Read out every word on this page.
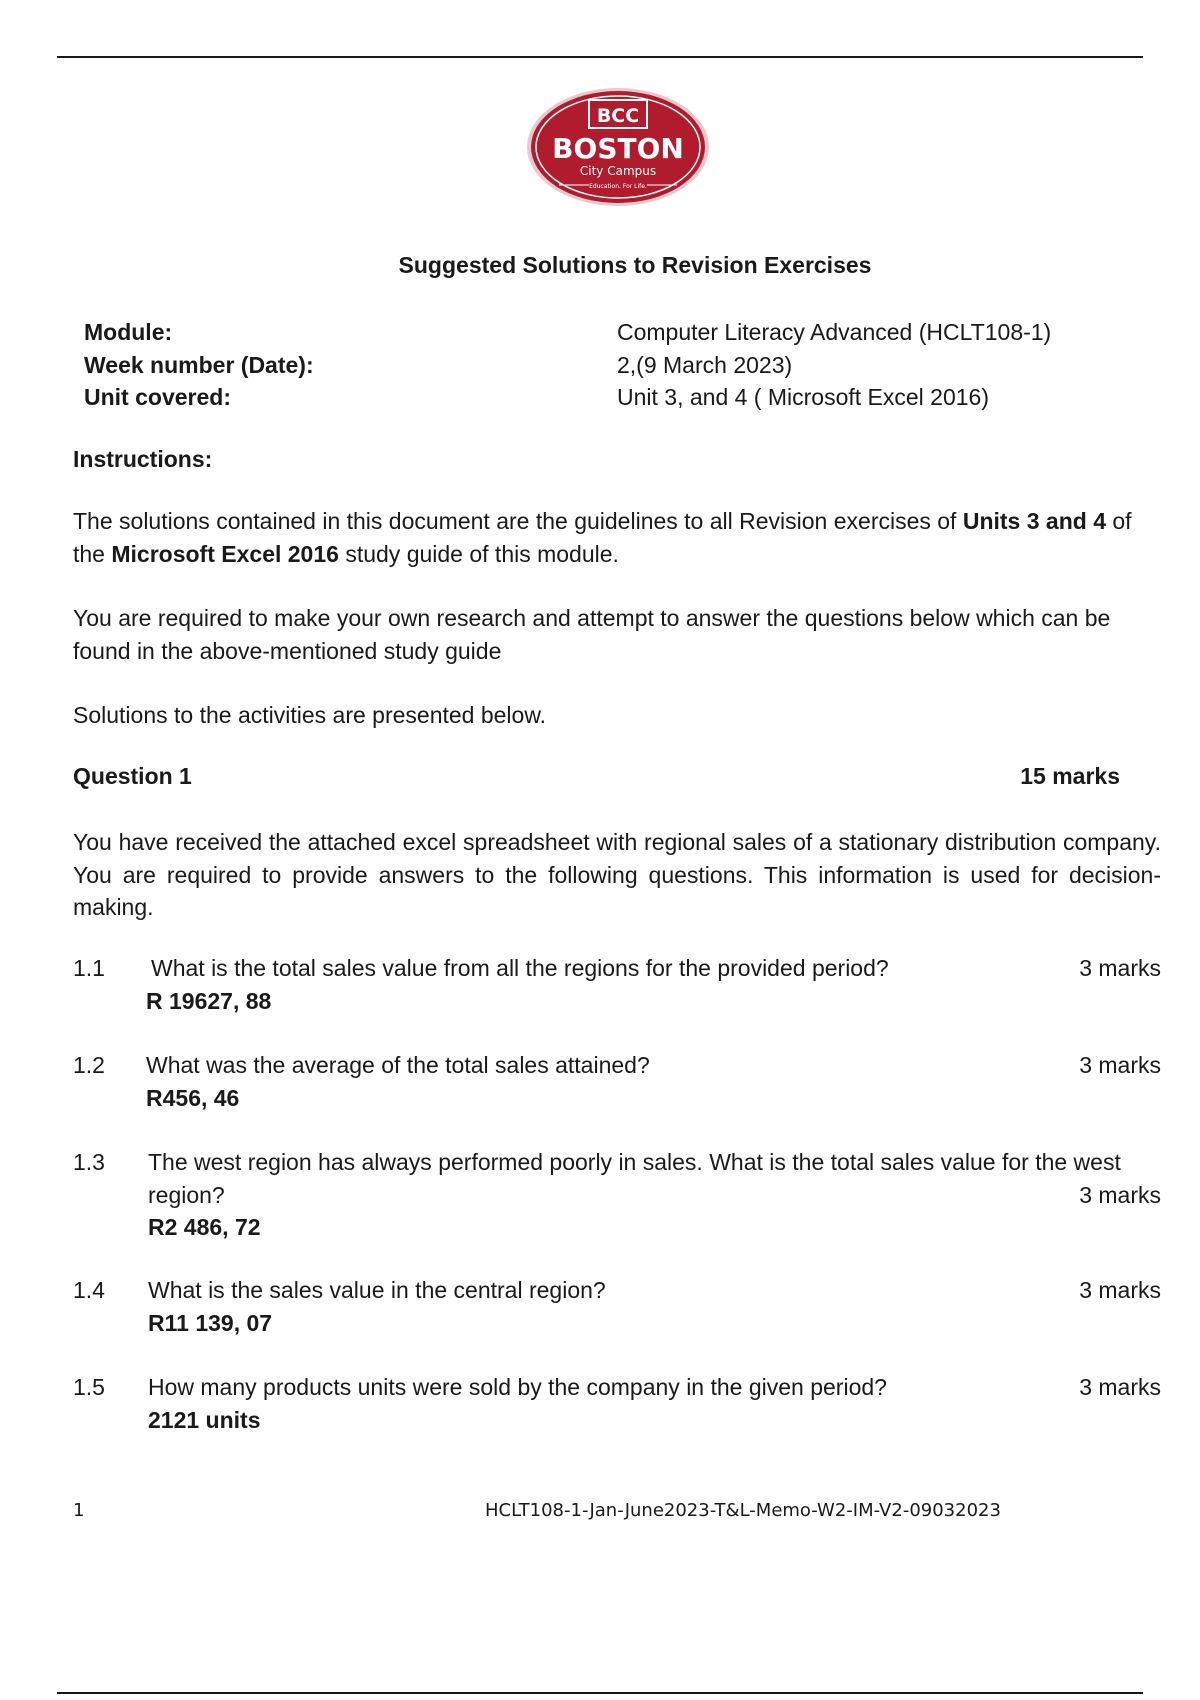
BCC
BOSTON
City Campus
Education. For Life.
Suggested Solutions to Revision Exercises
Module:	Computer Literacy Advanced (HCLT108-1)
Week number (Date):	2,(9 March 2023)
Unit covered:	Unit 3, and 4 ( Microsoft Excel 2016)

Instructions:

The solutions contained in this document are the guidelines to all Revision exercises of Units 3 and 4 of the Microsoft Excel 2016 study guide of this module.

You are required to make your own research and attempt to answer the questions below which can be found in the above-mentioned study guide

Solutions to the activities are presented below.

Question 1	15 marks

You have received the attached excel spreadsheet with regional sales of a stationary distribution company. You are required to provide answers to the following questions. This information is used for decision-making.

1.1 What is the total sales value from all the regions for the provided period?	3 marks
R 19627, 88
1.2 What was the average of the total sales attained?	3 marks
R456, 46
1.3 The west region has always performed poorly in sales. What is the total sales value for the west
region?	3 marks
R2 486, 72
1.4 What is the sales value in the central region?	3 marks
R11 139, 07
1.5 How many products units were sold by the company in the given period?	3 marks
2121 units
1	HCLT108-1-Jan-June2023-T&L-Memo-W2-IM-V2-09032023
